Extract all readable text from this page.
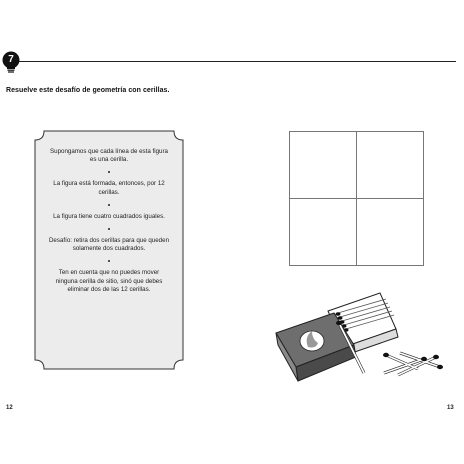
7
Resuelve este desafío de geometría con cerillas.

Supongamos que cada línea de esta figura es una cerilla.

La figura está formada, entonces, por 12 cerillas.

La figura tiene cuatro cuadrados iguales.

Desafío: retira dos cerillas para que queden solamente dos cuadrados.

Ten en cuenta que no puedes mover ninguna cerilla de sitio, sinó que debes eliminar dos de las 12 cerillas.

12	13
